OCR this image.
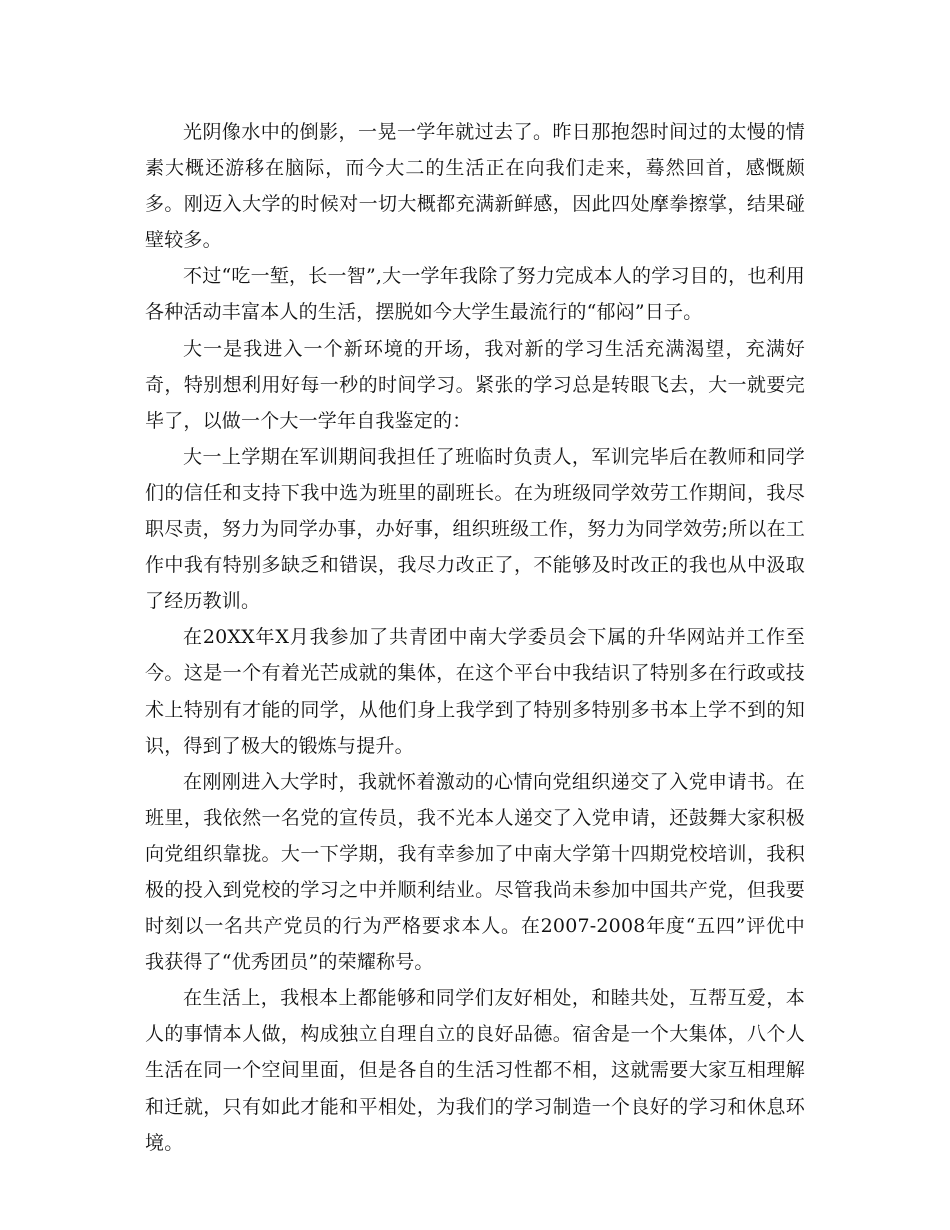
光阴像水中的倒影，一晃一学年就过去了。昨日那抱怨时间过的太慢的情素大概还游移在脑际，而今大二的生活正在向我们走来，蓦然回首，感慨颇多。刚迈入大学的时候对一切大概都充满新鲜感，因此四处摩拳擦掌，结果碰壁较多。

不过“吃一堑，长一智”,大一学年我除了努力完成本人的学习目的，也利用各种活动丰富本人的生活，摆脱如今大学生最流行的“郁闷”日子。

大一是我进入一个新环境的开场，我对新的学习生活充满渴望，充满好奇，特别想利用好每一秒的时间学习。紧张的学习总是转眼飞去，大一就要完毕了，以做一个大一学年自我鉴定的：

大一上学期在军训期间我担任了班临时负责人，军训完毕后在教师和同学们的信任和支持下我中选为班里的副班长。在为班级同学效劳工作期间，我尽职尽责，努力为同学办事，办好事，组织班级工作，努力为同学效劳;所以在工作中我有特别多缺乏和错误，我尽力改正了，不能够及时改正的我也从中汲取了经历教训。

在20XX年X月我参加了共青团中南大学委员会下属的升华网站并工作至今。这是一个有着光芒成就的集体，在这个平台中我结识了特别多在行政或技术上特别有才能的同学，从他们身上我学到了特别多特别多书本上学不到的知识，得到了极大的锻炼与提升。

在刚刚进入大学时，我就怀着激动的心情向党组织递交了入党申请书。在班里，我依然一名党的宣传员，我不光本人递交了入党申请，还鼓舞大家积极向党组织靠拢。大一下学期，我有幸参加了中南大学第十四期党校培训，我积极的投入到党校的学习之中并顺利结业。尽管我尚未参加中国共产党，但我要时刻以一名共产党员的行为严格要求本人。在2007-2008年度“五四”评优中我获得了“优秀团员”的荣耀称号。

在生活上，我根本上都能够和同学们友好相处，和睦共处，互帮互爱，本人的事情本人做，构成独立自理自立的良好品德。宿舍是一个大集体，八个人生活在同一个空间里面，但是各自的生活习性都不相，这就需要大家互相理解和迁就，只有如此才能和平相处，为我们的学习制造一个良好的学习和休息环境。
